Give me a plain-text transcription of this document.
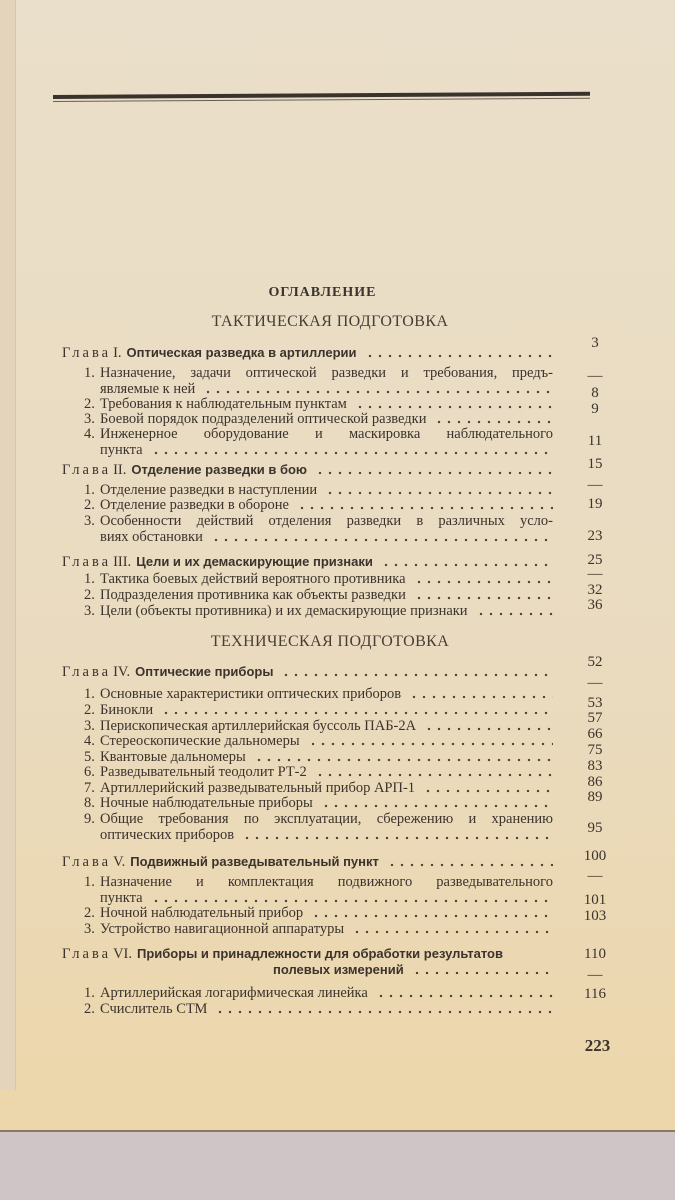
ОГЛАВЛЕНИЕ
ТАКТИЧЕСКАЯ ПОДГОТОВКА
Глава I. Оптическая разведка в артиллерии
1. Назначение, задачи оптической разведки и требования, предъ-
являемые к ней
2. Требования к наблюдательным пунктам
3. Боевой порядок подразделений оптической разведки
4. Инженерное оборудование и маскировка наблюдательного
пункта
Глава II. Отделение разведки в бою
1. Отделение разведки в наступлении
2. Отделение разведки в обороне
3. Особенности действий отделения разведки в различных усло-
виях обстановки
Глава III. Цели и их демаскирующие признаки
1. Тактика боевых действий вероятного противника
2. Подразделения противника как объекты разведки
3. Цели (объекты противника) и их демаскирующие признаки
ТЕХНИЧЕСКАЯ ПОДГОТОВКА
Глава IV. Оптические приборы
1. Основные характеристики оптических приборов
2. Бинокли
3. Перископическая артиллерийская буссоль ПАБ-2А
4. Стереоскопические дальномеры
5. Квантовые дальномеры
6. Разведывательный теодолит РТ-2
7. Артиллерийский разведывательный прибор АРП-1
8. Ночные наблюдательные приборы
9. Общие требования по эксплуатации, сбережению и хранению
оптических приборов
Глава V. Подвижный разведывательный пункт
1. Назначение и комплектация подвижного разведывательного
пункта
2. Ночной наблюдательный прибор
3. Устройство навигационной аппаратуры
Глава VI. Приборы и принадлежности для обработки результатов
полевых измерений
1. Артиллерийская логарифмическая линейка
2. Счислитель СТМ
3
—
8
9
11
15
—
19
23
25
—
32
36
52
—
53
57
66
75
83
86
89
95
100
—
101
103
110
—
116
223
